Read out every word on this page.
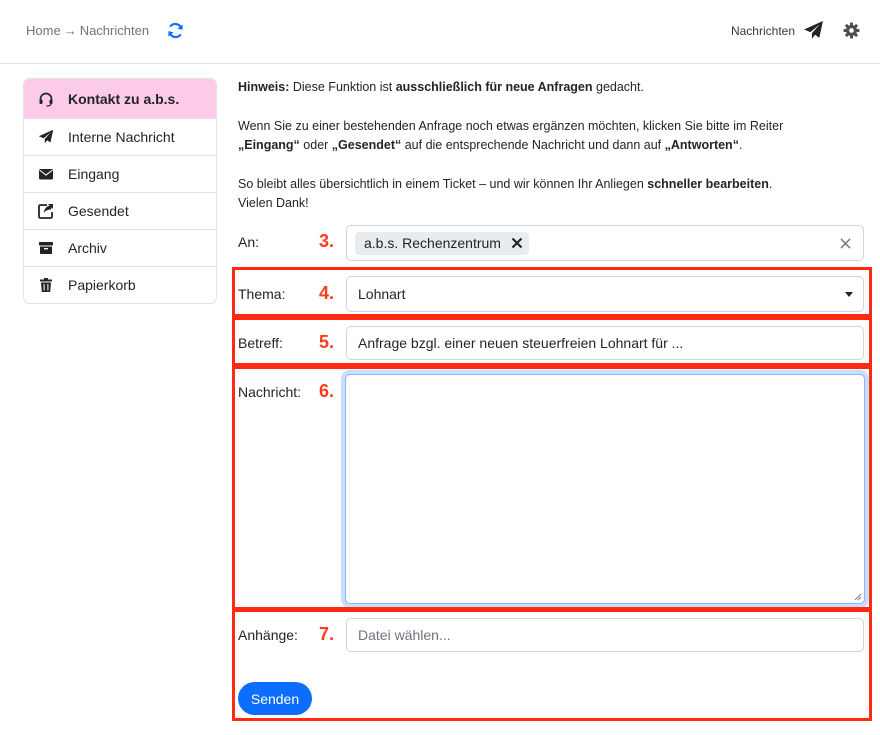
Home → Nachrichten	Nachrichten
Kontakt zu a.b.s.
Interne Nachricht
Eingang
Gesendet
Archiv
Papierkorb

Hinweis: Diese Funktion ist ausschließlich für neue Anfragen gedacht.

Wenn Sie zu einer bestehenden Anfrage noch etwas ergänzen möchten, klicken Sie bitte im Reiter
„Eingang“ oder „Gesendet“ auf die entsprechende Nachricht und dann auf „Antworten“.

So bleibt alles übersichtlich in einem Ticket – und wir können Ihr Anliegen schneller bearbeiten.
Vielen Dank!

An:	3.	a.b.s. Rechenzentrum
Thema: 4.	Lohnart
Betreff: 5.	Anfrage bzgl. einer neuen steuerfreien Lohnart für ...
Nachricht: 6.
Anhänge: 7.	Datei wählen...
Senden
